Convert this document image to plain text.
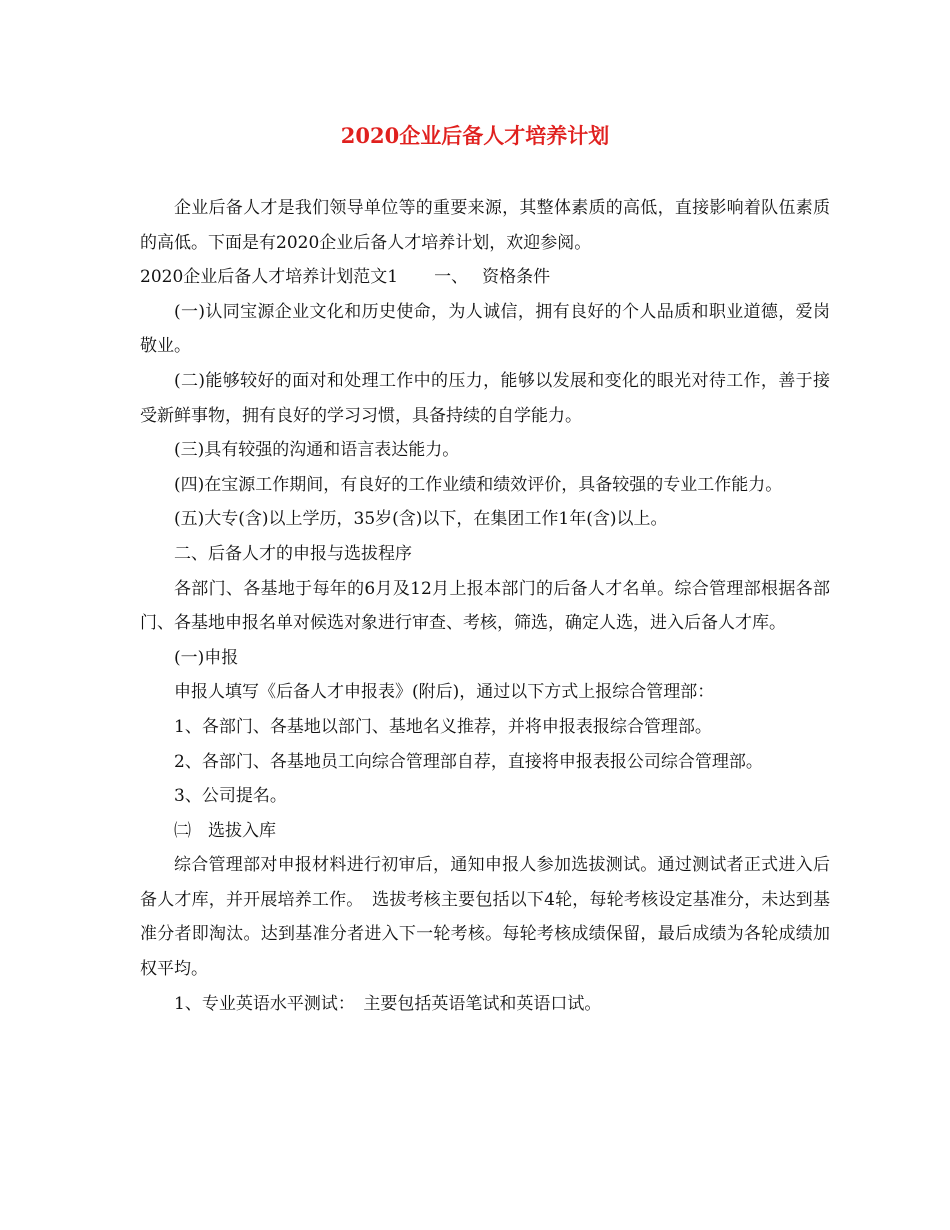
2020企业后备人才培养计划

企业后备人才是我们领导单位等的重要来源，其整体素质的高低，直接影响着队伍素质的高低。下面是有2020企业后备人才培养计划，欢迎参阅。

2020企业后备人才培养计划范文1 一、 资格条件

(一)认同宝源企业文化和历史使命，为人诚信，拥有良好的个人品质和职业道德，爱岗敬业。

(二)能够较好的面对和处理工作中的压力，能够以发展和变化的眼光对待工作，善于接受新鲜事物，拥有良好的学习习惯，具备持续的自学能力。

(三)具有较强的沟通和语言表达能力。

(四)在宝源工作期间，有良好的工作业绩和绩效评价，具备较强的专业工作能力。

(五)大专(含)以上学历，35岁(含)以下，在集团工作1年(含)以上。

二、后备人才的申报与选拔程序

各部门、各基地于每年的6月及12月上报本部门的后备人才名单。综合管理部根据各部门、各基地申报名单对候选对象进行审查、考核，筛选，确定人选，进入后备人才库。

(一)申报

申报人填写《后备人才申报表》(附后)，通过以下方式上报综合管理部：

1、各部门、各基地以部门、基地名义推荐，并将申报表报综合管理部。

2、各部门、各基地员工向综合管理部自荐，直接将申报表报公司综合管理部。

3、公司提名。

㈡　选拔入库

综合管理部对申报材料进行初审后，通知申报人参加选拔测试。通过测试者正式进入后备人才库，并开展培养工作。　选拔考核主要包括以下4轮，每轮考核设定基准分，未达到基准分者即淘汰。达到基准分者进入下一轮考核。每轮考核成绩保留，最后成绩为各轮成绩加权平均。

1、专业英语水平测试：　主要包括英语笔试和英语口试。
